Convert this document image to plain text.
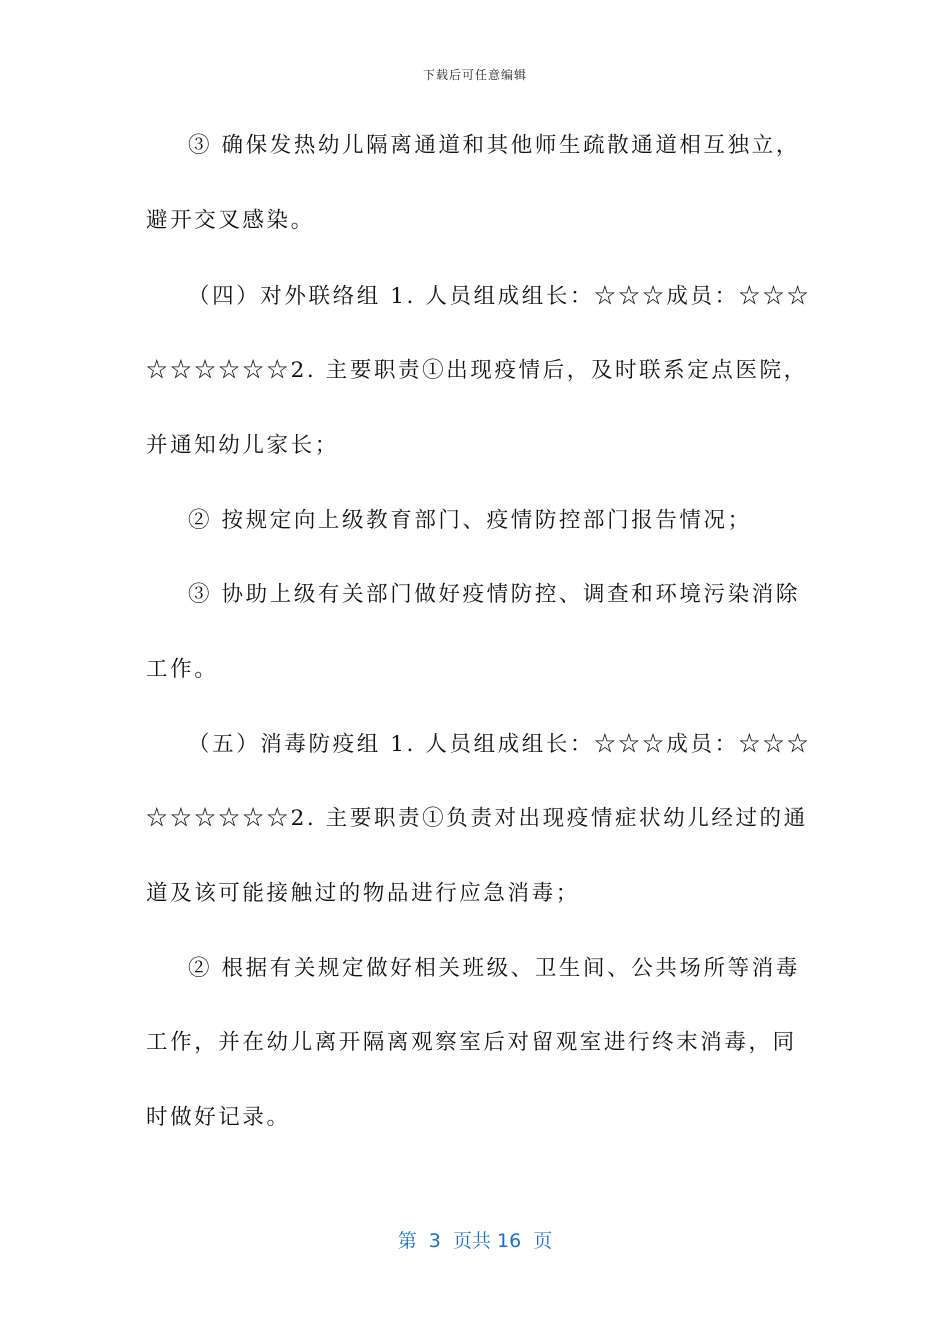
下载后可任意编辑
③ 确保发热幼儿隔离通道和其他师生疏散通道相互独立，
避开交叉感染。
（四）对外联络组 1. 人员组成组长：☆☆☆成员：☆☆☆
☆☆☆☆☆☆2. 主要职责①出现疫情后，及时联系定点医院，
并通知幼儿家长；
② 按规定向上级教育部门、疫情防控部门报告情况；
③ 协助上级有关部门做好疫情防控、调查和环境污染消除
工作。
（五）消毒防疫组 1. 人员组成组长：☆☆☆成员：☆☆☆
☆☆☆☆☆☆2. 主要职责①负责对出现疫情症状幼儿经过的通
道及该可能接触过的物品进行应急消毒；
② 根据有关规定做好相关班级、卫生间、公共场所等消毒
工作，并在幼儿离开隔离观察室后对留观室进行终末消毒，同
时做好记录。
第  3  页共 16  页
